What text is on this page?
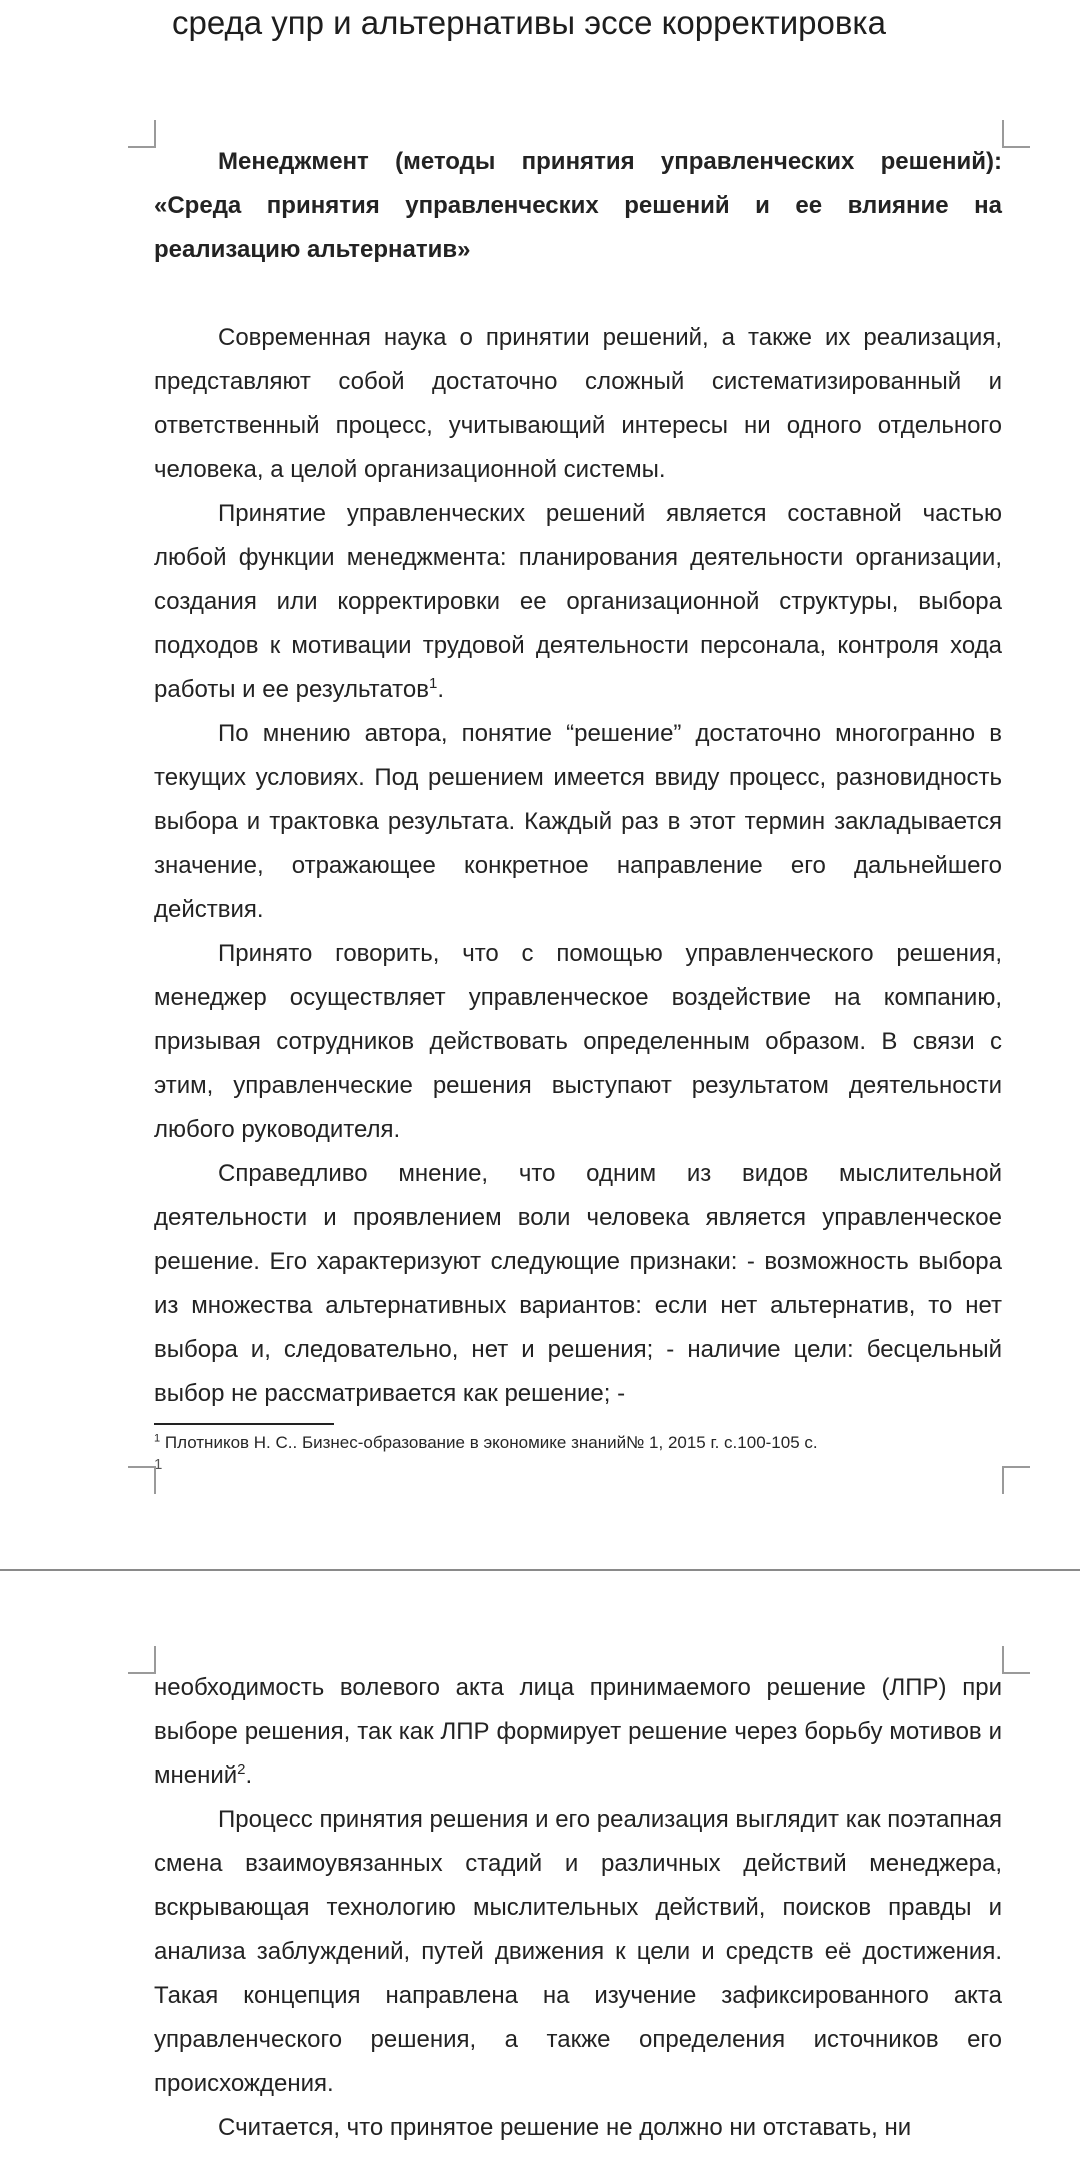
среда упр и альтернативы эссе корректировка

Менеджмент (методы принятия управленческих решений): «Среда принятия управленческих решений и ее влияние на реализацию альтернатив»

Современная наука о принятии решений, а также их реализация, представляют собой достаточно сложный систематизированный и ответственный процесс, учитывающий интересы ни одного отдельного человека, а целой организационной системы.

Принятие управленческих решений является составной частью любой функции менеджмента: планирования деятельности организации, создания или корректировки ее организационной структуры, выбора подходов к мотивации трудовой деятельности персонала, контроля хода работы и ее результатов$^1$.

По мнению автора, понятие “решение” достаточно многогранно в текущих условиях. Под решением имеется ввиду процесс, разновидность выбора и трактовка результата. Каждый раз в этот термин закладывается значение, отражающее конкретное направление его дальнейшего действия.

Принято говорить, что с помощью управленческого решения, менеджер осуществляет управленческое воздействие на компанию, призывая сотрудников действовать определенным образом. В связи с этим, управленческие решения выступают результатом деятельности любого руководителя.

Справедливо мнение, что одним из видов мыслительной деятельности и проявлением воли человека является управленческое решение. Его характеризуют следующие признаки: - возможность выбора из множества альтернативных вариантов: если нет альтернатив, то нет выбора и, следовательно, нет и решения; - наличие цели: бесцельный выбор не рассматривается как решение; -

$^1$ Плотников Н. С.. Бизнес-образование в экономике знаний№ 1, 2015 г. с.100-105 с.
1

необходимость волевого акта лица принимаемого решение (ЛПР) при выборе решения, так как ЛПР формирует решение через борьбу мотивов и мнений$^2$.

Процесс принятия решения и его реализация выглядит как поэтапная смена взаимоувязанных стадий и различных действий менеджера, вскрывающая технологию мыслительных действий, поисков правды и анализа заблуждений, путей движения к цели и средств её достижения. Такая концепция направлена на изучение зафиксированного акта управленческого решения, а также определения источников его происхождения.

Считается, что принятое решение не должно ни отставать, ни
